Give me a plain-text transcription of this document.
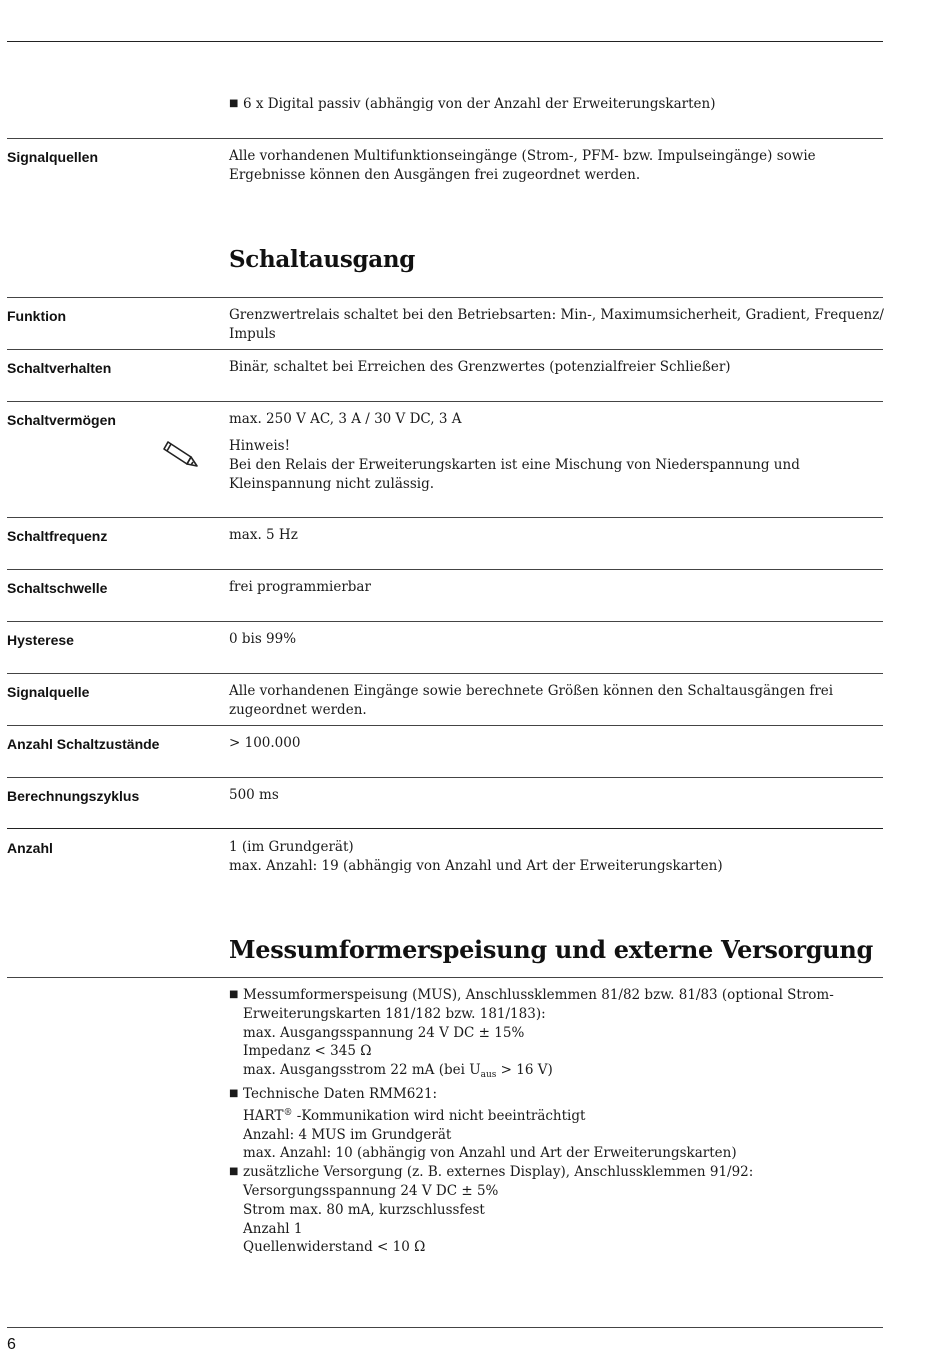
■ 6 x Digital passiv (abhängig von der Anzahl der Erweiterungskarten)
Signalquellen	Alle vorhandenen Multifunktionseingänge (Strom-, PFM- bzw. Impulseingänge) sowie Ergebnisse können den Ausgängen frei zugeordnet werden.
Schaltausgang
Funktion	Grenzwertrelais schaltet bei den Betriebsarten: Min-, Maximumsicherheit, Gradient, Frequenz/ Impuls
Schaltverhalten	Binär, schaltet bei Erreichen des Grenzwertes (potenzialfreier Schließer)
Schaltvermögen	max. 250 V AC, 3 A / 30 V DC, 3 A
Hinweis!
Bei den Relais der Erweiterungskarten ist eine Mischung von Niederspannung und Kleinspannung nicht zulässig.
Schaltfrequenz	max. 5 Hz
Schaltschwelle	frei programmierbar
Hysterese	0 bis 99%
Signalquelle	Alle vorhandenen Eingänge sowie berechnete Größen können den Schaltausgängen frei zugeordnet werden.
Anzahl Schaltzustände	> 100.000
Berechnungszyklus	500 ms
Anzahl	1 (im Grundgerät)
max. Anzahl: 19 (abhängig von Anzahl und Art der Erweiterungskarten)
Messumformerspeisung und externe Versorgung
■ Messumformerspeisung (MUS), Anschlussklemmen 81/82 bzw. 81/83 (optional Strom-Erweiterungskarten 181/182 bzw. 181/183):
max. Ausgangsspannung 24 V DC ± 15%
Impedanz < 345 Ω
max. Ausgangsstrom 22 mA (bei $U_{aus} > 16$ V)
■ Technische Daten RMM621:
HART® -Kommunikation wird nicht beeinträchtigt
Anzahl: 4 MUS im Grundgerät
max. Anzahl: 10 (abhängig von Anzahl und Art der Erweiterungskarten)
■ zusätzliche Versorgung (z. B. externes Display), Anschlussklemmen 91/92:
Versorgungsspannung 24 V DC ± 5%
Strom max. 80 mA, kurzschlussfest
Anzahl 1
Quellenwiderstand < 10 Ω
6
